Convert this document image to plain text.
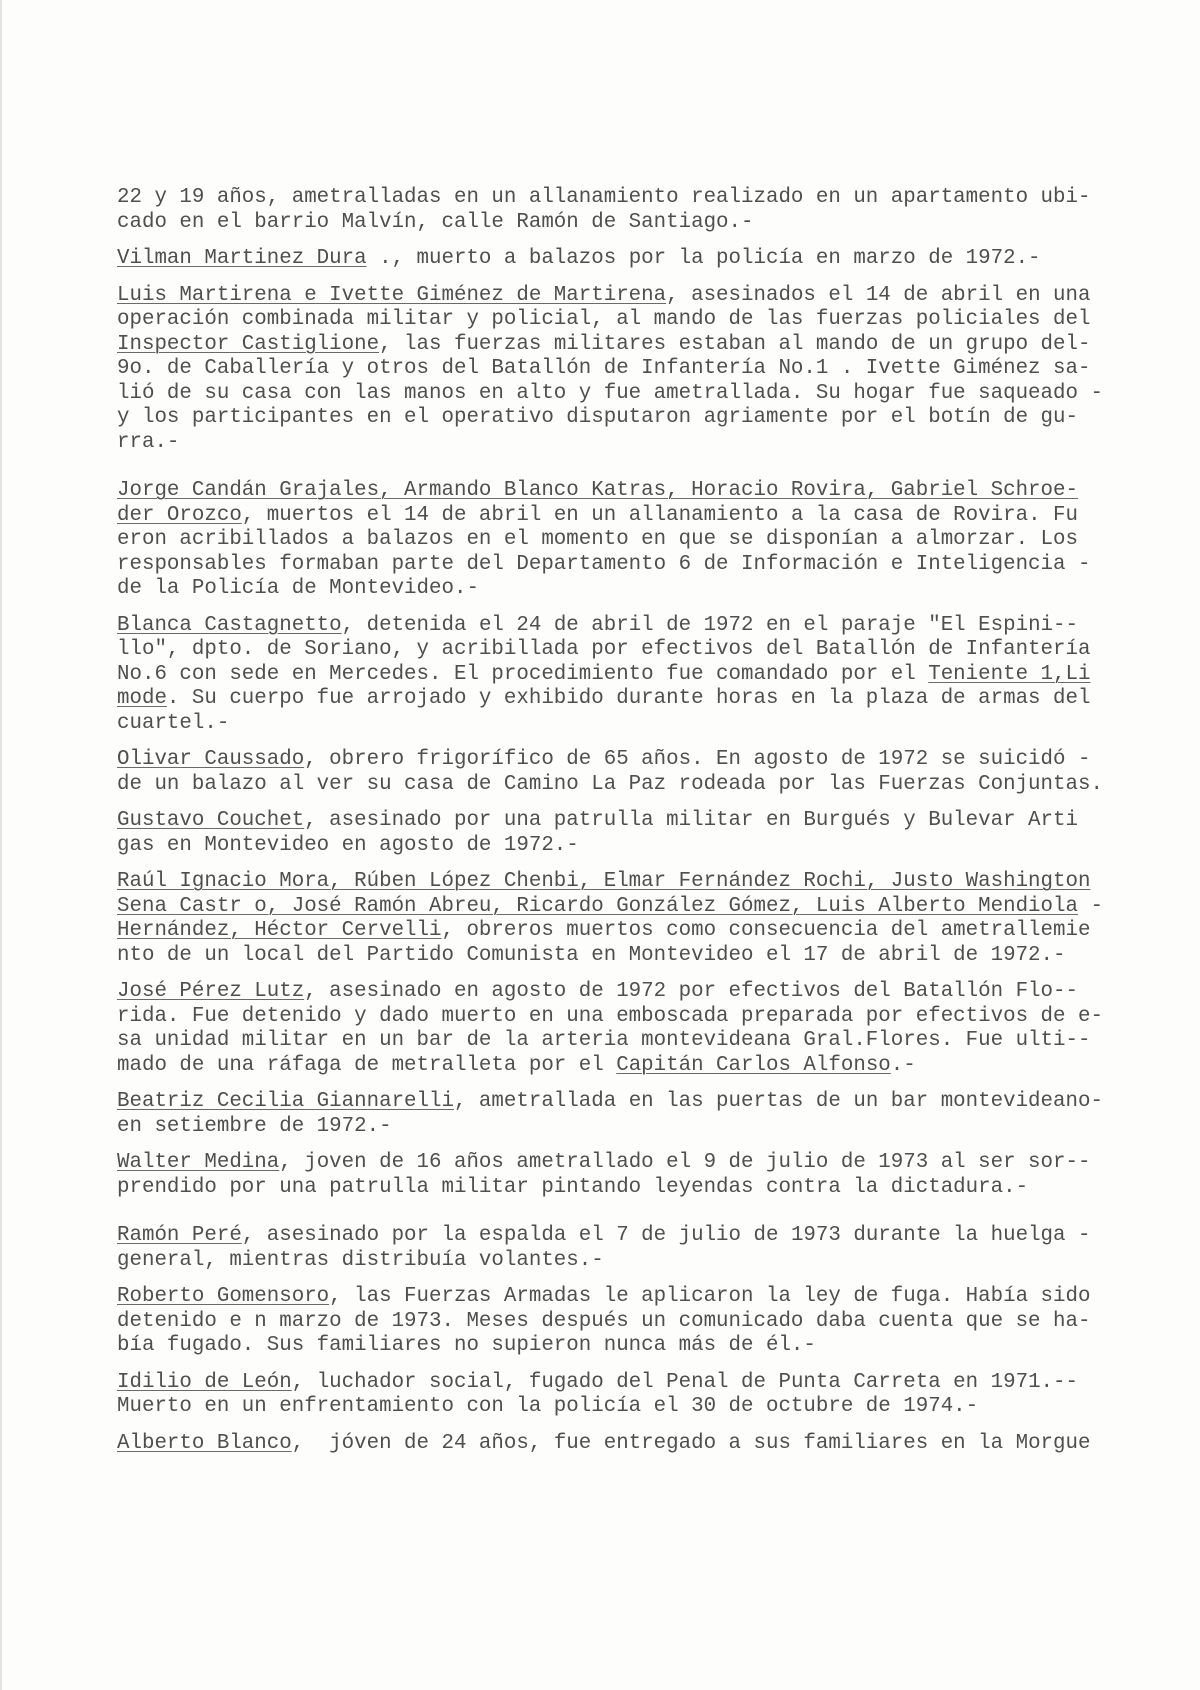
22 y 19 años, ametralladas en un allanamiento realizado en un apartamento ubi-
cado en el barrio Malvín, calle Ramón de Santiago.-
Vilman Martinez Dura ., muerto a balazos por la policía en marzo de 1972.-
Luis Martirena e Ivette Giménez de Martirena, asesinados el 14 de abril en una
operación combinada militar y policial, al mando de las fuerzas policiales del
Inspector Castiglione, las fuerzas militares estaban al mando de un grupo del-
9o. de Caballería y otros del Batallón de Infantería No.1 . Ivette Giménez sa-
lió de su casa con las manos en alto y fue ametrallada. Su hogar fue saqueado -
y los participantes en el operativo disputaron agriamente por el botín de gu-
rra.-
Jorge Candán Grajales, Armando Blanco Katras, Horacio Rovira, Gabriel Schroe-
der Orozco, muertos el 14 de abril en un allanamiento a la casa de Rovira. Fu
eron acribillados a balazos en el momento en que se disponían a almorzar. Los
responsables formaban parte del Departamento 6 de Información e Inteligencia -
de la Policía de Montevideo.-
Blanca Castagnetto, detenida el 24 de abril de 1972 en el paraje "El Espini--
llo", dpto. de Soriano, y acribillada por efectivos del Batallón de Infantería
No.6 con sede en Mercedes. El procedimiento fue comandado por el Teniente 1,Li
mode. Su cuerpo fue arrojado y exhibido durante horas en la plaza de armas del
cuartel.-
Olivar Caussado, obrero frigorífico de 65 años. En agosto de 1972 se suicidó -
de un balazo al ver su casa de Camino La Paz rodeada por las Fuerzas Conjuntas.
Gustavo Couchet, asesinado por una patrulla militar en Burgués y Bulevar Arti
gas en Montevideo en agosto de 1972.-
Raúl Ignacio Mora, Rúben López Chenbi, Elmar Fernández Rochi, Justo Washington
Sena Castr o, José Ramón Abreu, Ricardo González Gómez, Luis Alberto Mendiola -
Hernández, Héctor Cervelli, obreros muertos como consecuencia del ametrallemie
nto de un local del Partido Comunista en Montevideo el 17 de abril de 1972.-
José Pérez Lutz, asesinado en agosto de 1972 por efectivos del Batallón Flo--
rida. Fue detenido y dado muerto en una emboscada preparada por efectivos de e-
sa unidad militar en un bar de la arteria montevideana Gral.Flores. Fue ulti--
mado de una ráfaga de metralleta por el Capitán Carlos Alfonso.-
Beatriz Cecilia Giannarelli, ametrallada en las puertas de un bar montevideano-
en setiembre de 1972.-
Walter Medina, joven de 16 años ametrallado el 9 de julio de 1973 al ser sor--
prendido por una patrulla militar pintando leyendas contra la dictadura.-
Ramón Peré, asesinado por la espalda el 7 de julio de 1973 durante la huelga -
general, mientras distribuía volantes.-
Roberto Gomensoro, las Fuerzas Armadas le aplicaron la ley de fuga. Había sido
detenido e n marzo de 1973. Meses después un comunicado daba cuenta que se ha-
bía fugado. Sus familiares no supieron nunca más de él.-
Idilio de León, luchador social, fugado del Penal de Punta Carreta en 1971.--
Muerto en un enfrentamiento con la policía el 30 de octubre de 1974.-
Alberto Blanco,  jóven de 24 años, fue entregado a sus familiares en la Morgue
